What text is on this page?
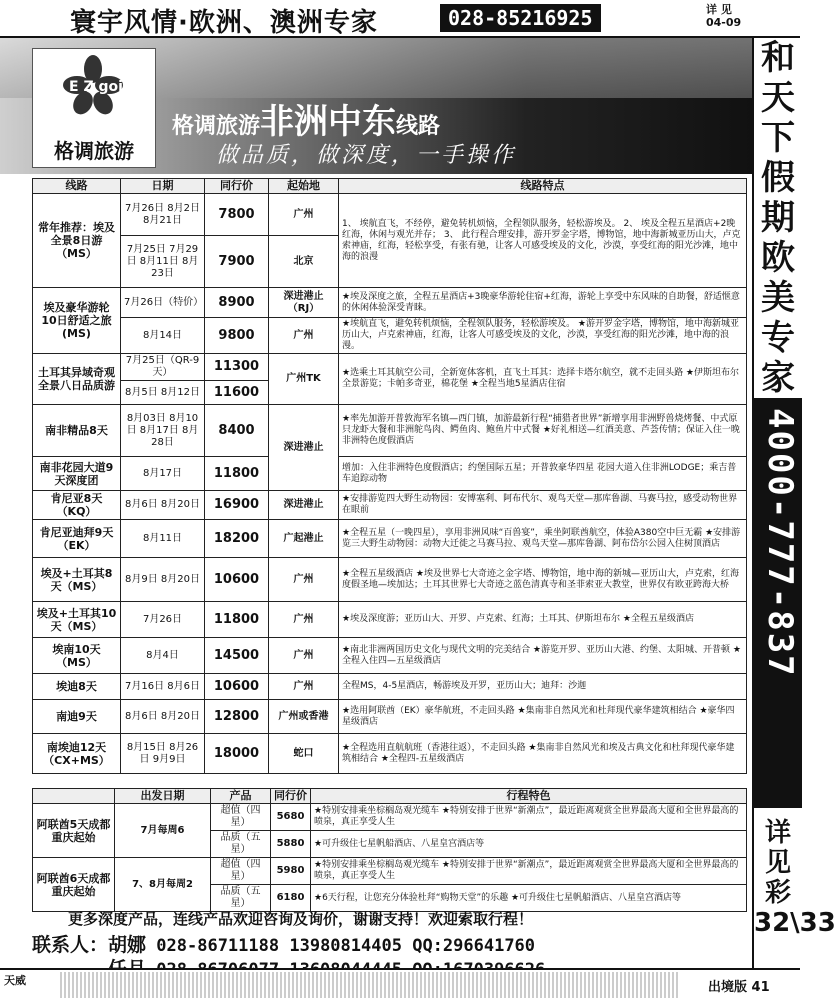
寰宇风情·欧洲、澳洲专家	028-85216925	详 见
04-09
E Z going
格调旅游
格调旅游非洲中东线路
做品质，做深度，一手操作
线路	日期	同行价	起始地	线路特点
常年推荐：埃及全景8日游（MS）	7月26日 8月2日 8月21日	7800	广州	1、 埃航直飞，不经停，避免转机烦恼，全程领队服务，轻松游埃及。 2、 埃及全程五星酒店+2晚红海，休闲与观光并存； 3、 此行程合理安排，游开罗金字塔，博物馆，地中海新城亚历山大，卢克索神庙，红海，轻松享受，有张有驰，让客人可感受埃及的文化，沙漠，享受红海的阳光沙滩，地中海的浪漫
	7月25日 7月29日 8月11日 8月23日	7900	北京	
埃及豪华游轮10日舒适之旅(MS)	7月26日（特价）	8900	深进港止（RJ）	★埃及深度之旅，全程五星酒店+3晚豪华游轮住宿+红海，游轮上享受中东风味的自助餐，舒适惬意的休闲体验深受青睐。
	8月14日	9800	广州	★埃航直飞，避免转机烦恼，全程领队服务，轻松游埃及。 ★游开罗金字塔，博物馆，地中海新城亚历山大，卢克索神庙，红海，让客人可感受埃及的文化，沙漠，享受红海的阳光沙滩，地中海的浪漫。
土耳其异域奇观全景八日品质游	7月25日（QR-9天）	11300	广州TK	★选乘土耳其航空公司，全新宽体客机，直飞土耳其：选择卡塔尔航空，就不走回头路 ★伊斯坦布尔全景游览；卡帕多奇亚，棉花堡 ★全程当地5星酒店住宿
	8月5日 8月12日	11600		
南非精品8天	8月03日 8月10日 8月17日 8月28日	8400	深进港止	★率先加游开普敦海军名镇—西门镇，加游最新行程“捕猎者世界”新增享用非洲野兽烧烤餐、中式原只龙虾大餐和非洲鸵鸟肉、鳄鱼肉、鲍鱼片中式餐 ★好礼相送—红酒美意、芦荟传情；保证入住一晚非洲特色度假酒店
南非花园大道9天深度团	8月17日	11800		增加：入住非洲特色度假酒店；约堡国际五星；开普敦豪华四星 花园大道入住非洲LODGE；乘吉普车追踪动物
肯尼亚8天（KQ）	8月6日 8月20日	16900	深进港止	★安排游览四大野生动物园：安博塞利、阿布代尔、观鸟天堂—那库鲁湖、马赛马拉，感受动物世界在眼前
肯尼亚迪拜9天（EK）	8月11日	18200	广起港止	★全程五星（一晚四星），享用非洲风味“百兽宴”，乘坐阿联酋航空，体验A380空中巨无霸 ★安排游览三大野生动物园：动物大迁徙之马赛马拉、观鸟天堂—那库鲁湖、阿布岱尔公园入住树顶酒店
埃及+土耳其8天（MS）	8月9日 8月20日	10600	广州	★全程五星级酒店 ★埃及世界七大奇迹之金字塔、博物馆，地中海的新城—亚历山大，卢克索，红海度假圣地—埃加达；土耳其世界七大奇迹之蓝色清真寺和圣菲索亚大教堂，世界仅有欧亚跨海大桥
埃及+土耳其10天（MS）	7月26日	11800	广州	★埃及深度游；亚历山大、开罗、卢克索、红海；土耳其、伊斯坦布尔 ★全程五星级酒店
埃南10天（MS）	8月4日	14500	广州	★南北非洲两国历史文化与现代文明的完美结合 ★游览开罗、亚历山大港、约堡、太阳城、开普顿 ★全程入住四—五星级酒店
埃迪8天	7月16日 8月6日	10600	广州	全程MS，4-5星酒店，畅游埃及开罗，亚历山大；迪拜：沙迦
南迪9天	8月6日 8月20日	12800	广州或香港	★选用阿联酋（EK）豪华航班，不走回头路 ★集南非自然风光和杜拜现代豪华建筑相结合 ★豪华四星级酒店
南埃迪12天（CX+MS）	8月15日 8月26日 9月9日	18000	蛇口	★全程选用直航航班（香港往返），不走回头路 ★集南非自然风光和埃及古典文化和杜拜现代豪华建筑相结合 ★全程四-五星级酒店
	出发日期	产品	同行价	行程特色
阿联酋5天成都重庆起始	7月每周6	超值（四星）	5680	★特别安排乘坐棕榈岛观光缆车 ★特别安排于世界“新潮点”，最近距离观赏全世界最高大厦和全世界最高的喷泉，真正享受人生
		品质（五星）	5880	★可升级住七星帆船酒店、八星皇宫酒店等
阿联酋6天成都重庆起始	7、8月每周2	超值（四星）	5980	★特别安排乘坐棕榈岛观光缆车 ★特别安排于世界“新潮点”，最近距离观赏全世界最高大厦和全世界最高的喷泉，真正享受人生
		品质（五星）	6180	★6天行程，让您充分体验杜拜“购物天堂”的乐趣 ★可升级住七星帆船酒店、八星皇宫酒店等
更多深度产品，连线产品欢迎咨询及询价，谢谢支持！欢迎索取行程！
联系人：胡娜 028-86711188 13980814405 QQ:296641760
和天下假期欧美专家
4000-777-837
详见彩32\33
天威	出境版 41
